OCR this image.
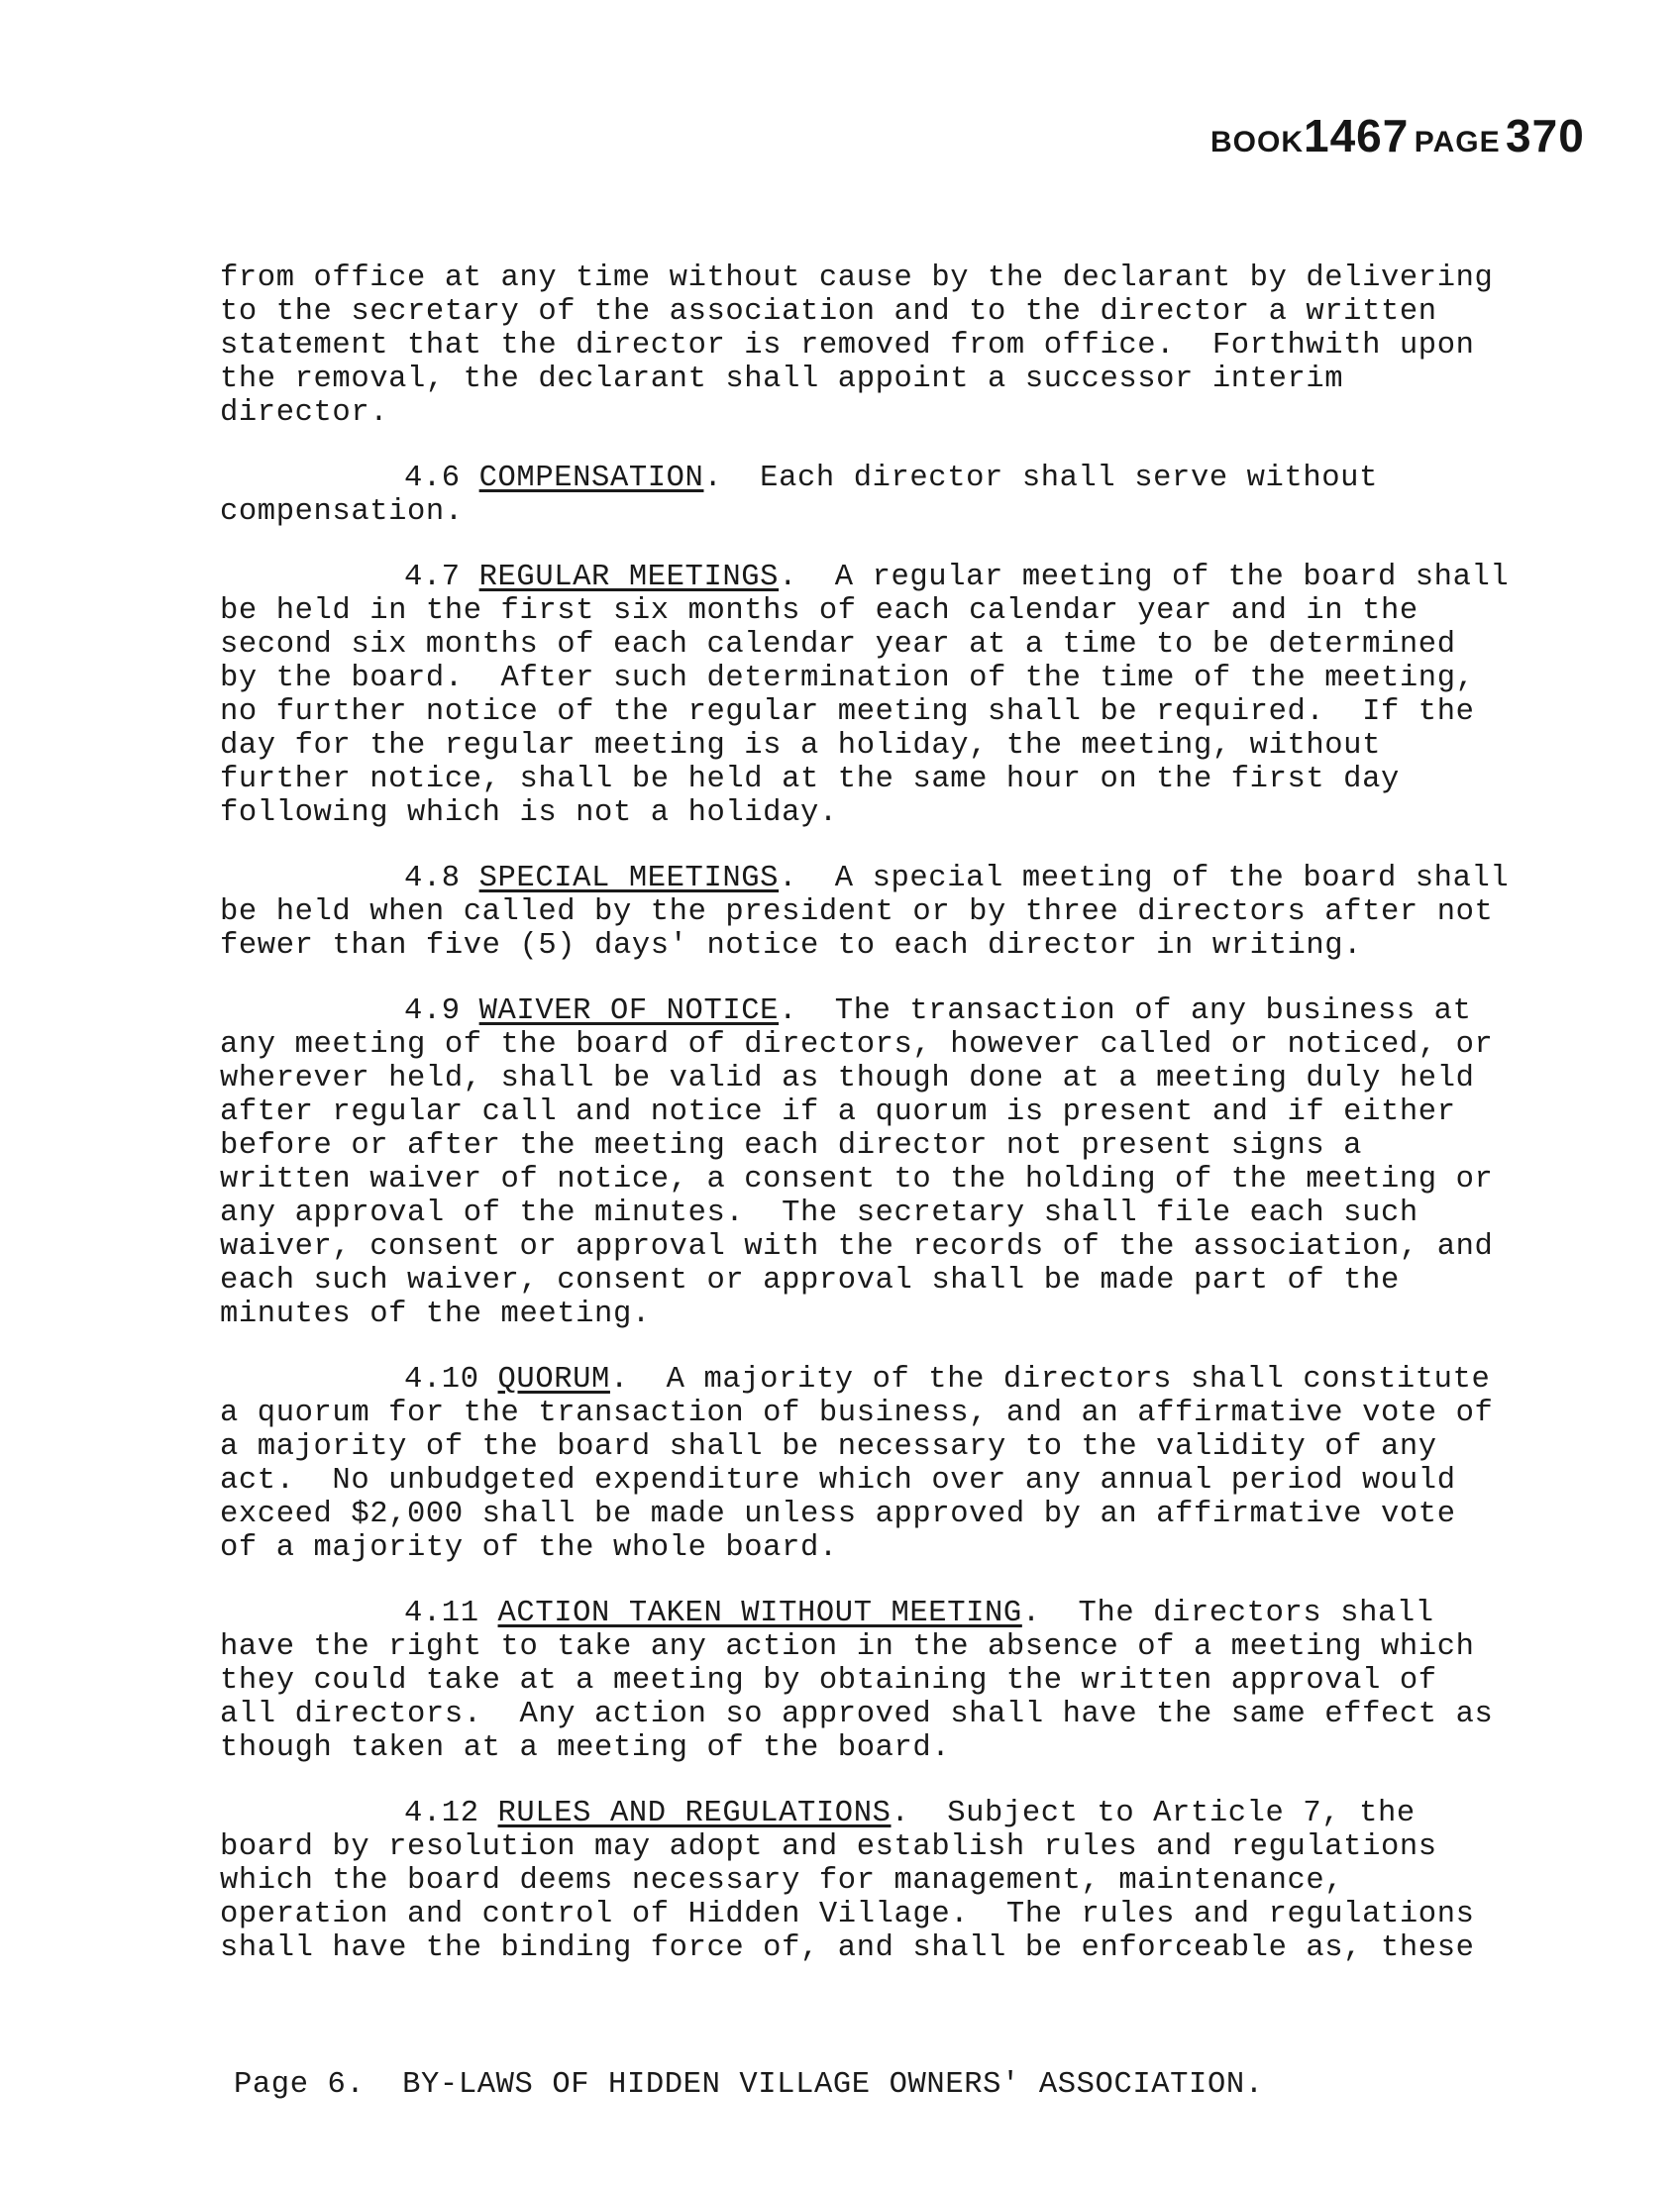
BOOK1467 PAGE 370
from office at any time without cause by the declarant by delivering
to the secretary of the association and to the director a written
statement that the director is removed from office.  Forthwith upon
the removal, the declarant shall appoint a successor interim
director.
4.6 COMPENSATION.  Each director shall serve without
compensation.
4.7 REGULAR MEETINGS.  A regular meeting of the board shall
be held in the first six months of each calendar year and in the
second six months of each calendar year at a time to be determined
by the board.  After such determination of the time of the meeting,
no further notice of the regular meeting shall be required.  If the
day for the regular meeting is a holiday, the meeting, without
further notice, shall be held at the same hour on the first day
following which is not a holiday.
4.8 SPECIAL MEETINGS.  A special meeting of the board shall
be held when called by the president or by three directors after not
fewer than five (5) days' notice to each director in writing.
4.9 WAIVER OF NOTICE.  The transaction of any business at
any meeting of the board of directors, however called or noticed, or
wherever held, shall be valid as though done at a meeting duly held
after regular call and notice if a quorum is present and if either
before or after the meeting each director not present signs a
written waiver of notice, a consent to the holding of the meeting or
any approval of the minutes.  The secretary shall file each such
waiver, consent or approval with the records of the association, and
each such waiver, consent or approval shall be made part of the
minutes of the meeting.
4.10 QUORUM.  A majority of the directors shall constitute
a quorum for the transaction of business, and an affirmative vote of
a majority of the board shall be necessary to the validity of any
act.  No unbudgeted expenditure which over any annual period would
exceed $2,000 shall be made unless approved by an affirmative vote
of a majority of the whole board.
4.11 ACTION TAKEN WITHOUT MEETING.  The directors shall
have the right to take any action in the absence of a meeting which
they could take at a meeting by obtaining the written approval of
all directors.  Any action so approved shall have the same effect as
though taken at a meeting of the board.
4.12 RULES AND REGULATIONS.  Subject to Article 7, the
board by resolution may adopt and establish rules and regulations
which the board deems necessary for management, maintenance,
operation and control of Hidden Village.  The rules and regulations
shall have the binding force of, and shall be enforceable as, these
Page 6.  BY-LAWS OF HIDDEN VILLAGE OWNERS' ASSOCIATION.
